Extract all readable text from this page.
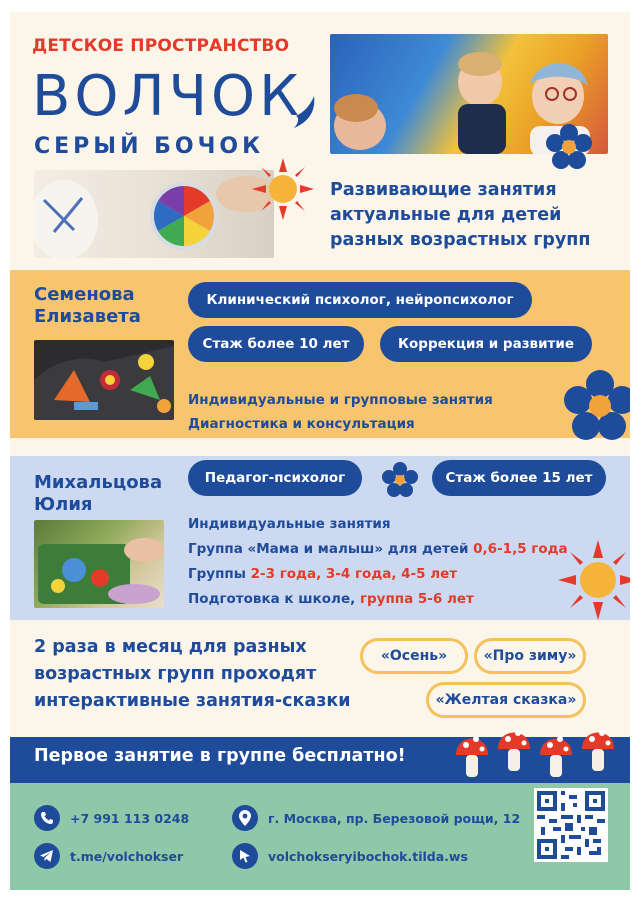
ДЕТСКОЕ ПРОСТРАНСТВО
ВОЛЧОК
СЕРЫЙ БОЧОК
Развивающие занятия актуальные для детей разных возрастных групп
Семенова
Елизавета
Клинический психолог, нейропсихолог
Стаж более 10 лет	Коррекция и развитие
Индивидуальные и групповые занятия
Диагностика и консультация
Михальцова
Юлия
Педагог-психолог	Стаж более 15 лет
Индивидуальные занятия
Группа «Мама и малыш» для детей 0,6-1,5 года
Группы 2-3 года, 3-4 года, 4-5 лет
Подготовка к школе, группа 5-6 лет
2 раза в месяц для разных возрастных групп проходят интерактивные занятия-сказки
«Осень»	«Про зиму»
«Желтая сказка»
Первое занятие в группе бесплатно!
+7 991 113 0248	г. Москва, пр. Березовой рощи, 12
t.me/volchokser	volchokseryibochok.tilda.ws
